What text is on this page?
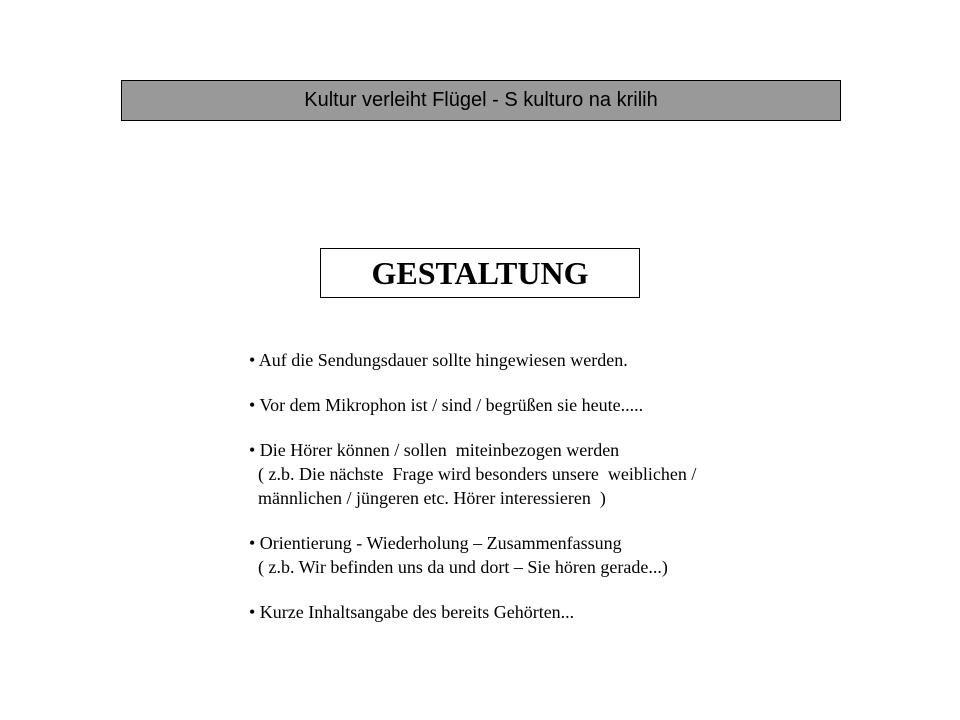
Kultur verleiht Flügel - S kulturo na krilih
GESTALTUNG
• Auf die Sendungsdauer sollte hingewiesen werden.
• Vor dem Mikrophon ist / sind / begrüßen sie heute.....
• Die Hörer können / sollen  miteinbezogen werden
( z.b. Die nächste  Frage wird besonders unsere  weiblichen /
männlichen / jüngeren etc. Hörer interessieren  )
• Orientierung - Wiederholung – Zusammenfassung
( z.b. Wir befinden uns da und dort – Sie hören gerade...)
• Kurze Inhaltsangabe des bereits Gehörten...
